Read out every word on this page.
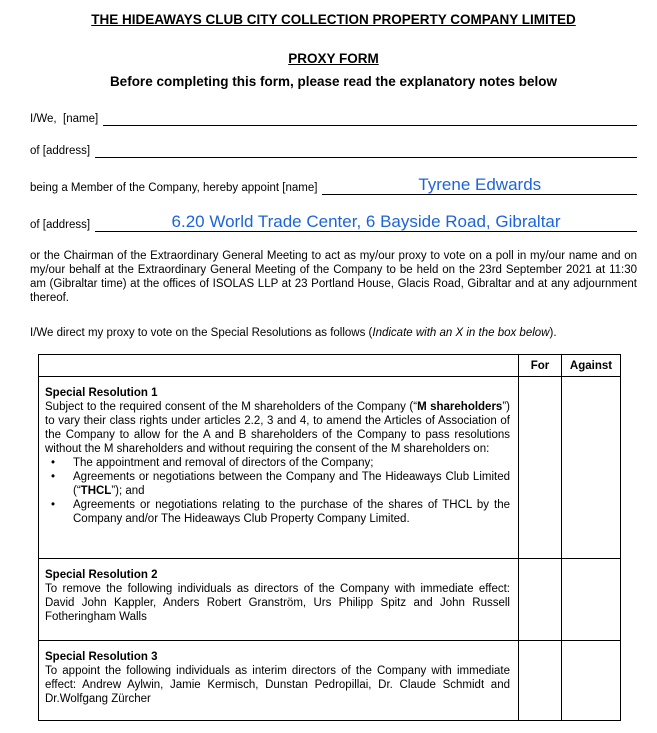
THE HIDEAWAYS CLUB CITY COLLECTION PROPERTY COMPANY LIMITED
PROXY FORM
Before completing this form, please read the explanatory notes below
I/We,  [name]
of [address]
being a Member of the Company, hereby appoint [name]	Tyrene Edwards
of [address]	6.20 World Trade Center, 6 Bayside Road, Gibraltar

or the Chairman of the Extraordinary General Meeting to act as my/our proxy to vote on a poll in my/our name and on my/our behalf at the Extraordinary General Meeting of the Company to be held on the 23rd September 2021 at 11:30 am (Gibraltar time) at the offices of ISOLAS LLP at 23 Portland House, Glacis Road, Gibraltar and at any adjournment thereof.

I/We direct my proxy to vote on the Special Resolutions as follows (Indicate with an X in the box below).

	For	Against

Special Resolution 1
Subject to the required consent of the M shareholders of the Company (“M shareholders”) to vary their class rights under articles 2.2, 3 and 4, to amend the Articles of Association of the Company to allow for the A and B shareholders of the Company to pass resolutions without the M shareholders and without requiring the consent of the M shareholders on:
•	The appointment and removal of directors of the Company;
•	Agreements or negotiations between the Company and The Hideaways Club Limited (“THCL”); and
•	Agreements or negotiations relating to the purchase of the shares of THCL by the Company and/or The Hideaways Club Property Company Limited.

Special Resolution 2
To remove the following individuals as directors of the Company with immediate effect: David John Kappler, Anders Robert Granström, Urs Philipp Spitz and John Russell Fotheringham Walls		

Special Resolution 3
To appoint the following individuals as interim directors of the Company with immediate effect: Andrew Aylwin, Jamie Kermisch, Dunstan Pedropillai, Dr. Claude Schmidt and Dr.Wolfgang Zürcher		
